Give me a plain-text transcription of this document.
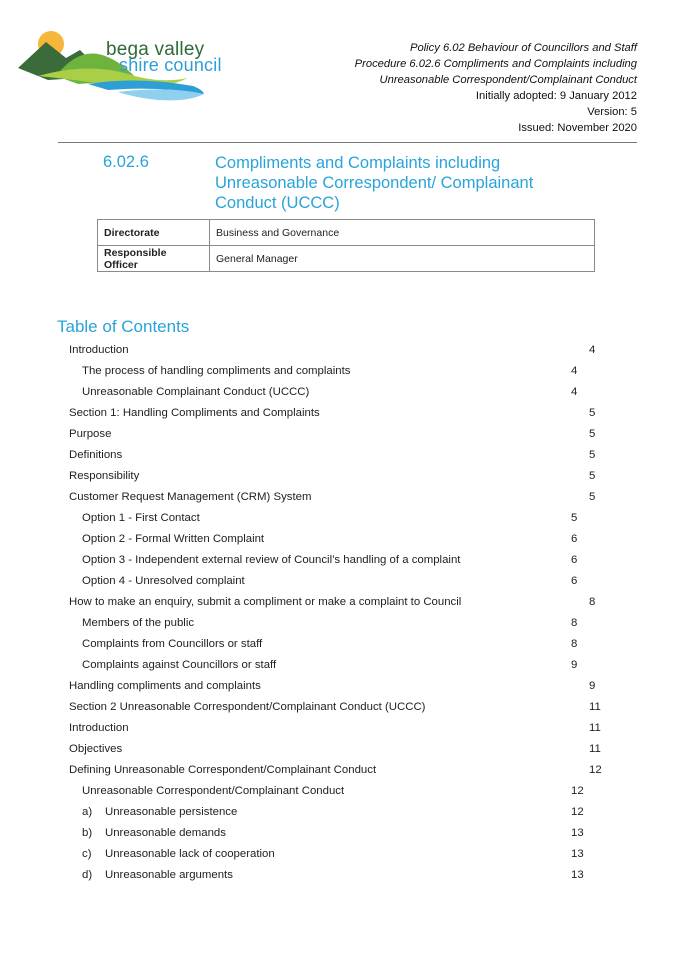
bega valley
shire council
Policy 6.02 Behaviour of Councillors and Staff
Procedure 6.02.6 Compliments and Complaints including
Unreasonable Correspondent/Complainant Conduct
Initially adopted: 9 January 2012
Version: 5
Issued: November 2020
6.02.6	Compliments and Complaints including Unreasonable Correspondent/ Complainant Conduct (UCCC)
Directorate	Business and Governance
Responsible Officer	General Manager
Table of Contents
Introduction	4
The process of handling compliments and complaints	4
Unreasonable Complainant Conduct (UCCC)	4
Section 1: Handling Compliments and Complaints	5
Purpose	5
Definitions	5
Responsibility	5
Customer Request Management (CRM) System	5
Option 1 - First Contact	5
Option 2 - Formal Written Complaint	6
Option 3 - Independent external review of Council’s handling of a complaint	6
Option 4 - Unresolved complaint	6
How to make an enquiry, submit a compliment or make a complaint to Council	8
Members of the public	8
Complaints from Councillors or staff	8
Complaints against Councillors or staff	9
Handling compliments and complaints	9
Section 2 Unreasonable Correspondent/Complainant Conduct (UCCC)	11
Introduction	11
Objectives	11
Defining Unreasonable Correspondent/Complainant Conduct	12
Unreasonable Correspondent/Complainant Conduct	12
a) Unreasonable persistence	12
b) Unreasonable demands	13
c) Unreasonable lack of cooperation	13
d) Unreasonable arguments	13
